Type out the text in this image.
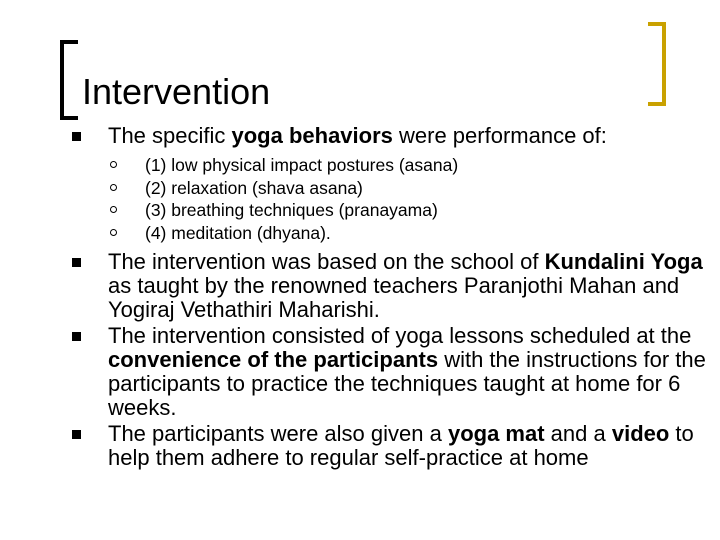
Intervention
The specific yoga behaviors were performance of:
(1) low physical impact postures (asana)
(2) relaxation (shava asana)
(3) breathing techniques (pranayama)
(4) meditation (dhyana).
The intervention was based on the school of Kundalini Yoga as taught by the renowned teachers Paranjothi Mahan and Yogiraj Vethathiri Maharishi.
The intervention consisted of yoga lessons scheduled at the convenience of the participants with the instructions for the participants to practice the techniques taught at home for 6 weeks.
The participants were also given a yoga mat and a video to help them adhere to regular self-practice at home
